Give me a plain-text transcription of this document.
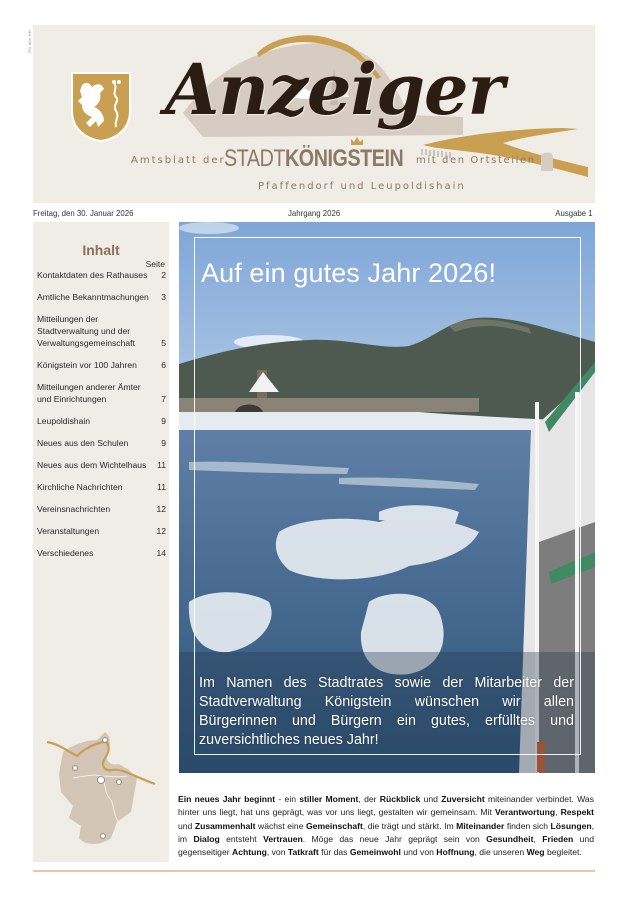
PN alle HH
Anzeiger
Amtsblatt der
STADTKÖNIGSTEIN mit den Ortsteilen
Pfaffendorf und Leupoldishain
Freitag, den 30. Januar 2026	Jahrgang 2026	Ausgabe 1
Inhalt
Seite
Kontaktdaten des Rathauses 2
Amtliche Bekanntmachungen 3
Mitteilungen der Stadtverwaltung und der Verwaltungsgemeinschaft	5
Königstein vor 100 Jahren	6
Mitteilungen anderer Ämter und Einrichtungen	7
Leupoldishain	9
Neues aus den Schulen	9
Neues aus dem Wichtelhaus 11
Kirchliche Nachrichten	11
Vereinsnachrichten	12
Veranstaltungen	12
Verschiedenes	14
Auf ein gutes Jahr 2026!
Im Namen des Stadtrates sowie der Mitarbeiter der Stadtverwaltung Königstein wünschen wir allen Bürgerinnen und Bürgern ein gutes, erfülltes und zuversichtliches neues Jahr!
Ein neues Jahr beginnt - ein stiller Moment, der Rückblick und Zuversicht miteinander verbindet. Was hinter uns liegt, hat uns geprägt, was vor uns liegt, gestalten wir gemeinsam. Mit Verantwortung, Respekt und Zusammenhalt wächst eine Gemeinschaft, die trägt und stärkt. Im Miteinander finden sich Lösungen, im Dialog entsteht Vertrauen. Möge das neue Jahr geprägt sein von Gesundheit, Frieden und gegenseitiger Achtung, von Tatkraft für das Gemeinwohl und von Hoffnung, die unseren Weg begleitet.
